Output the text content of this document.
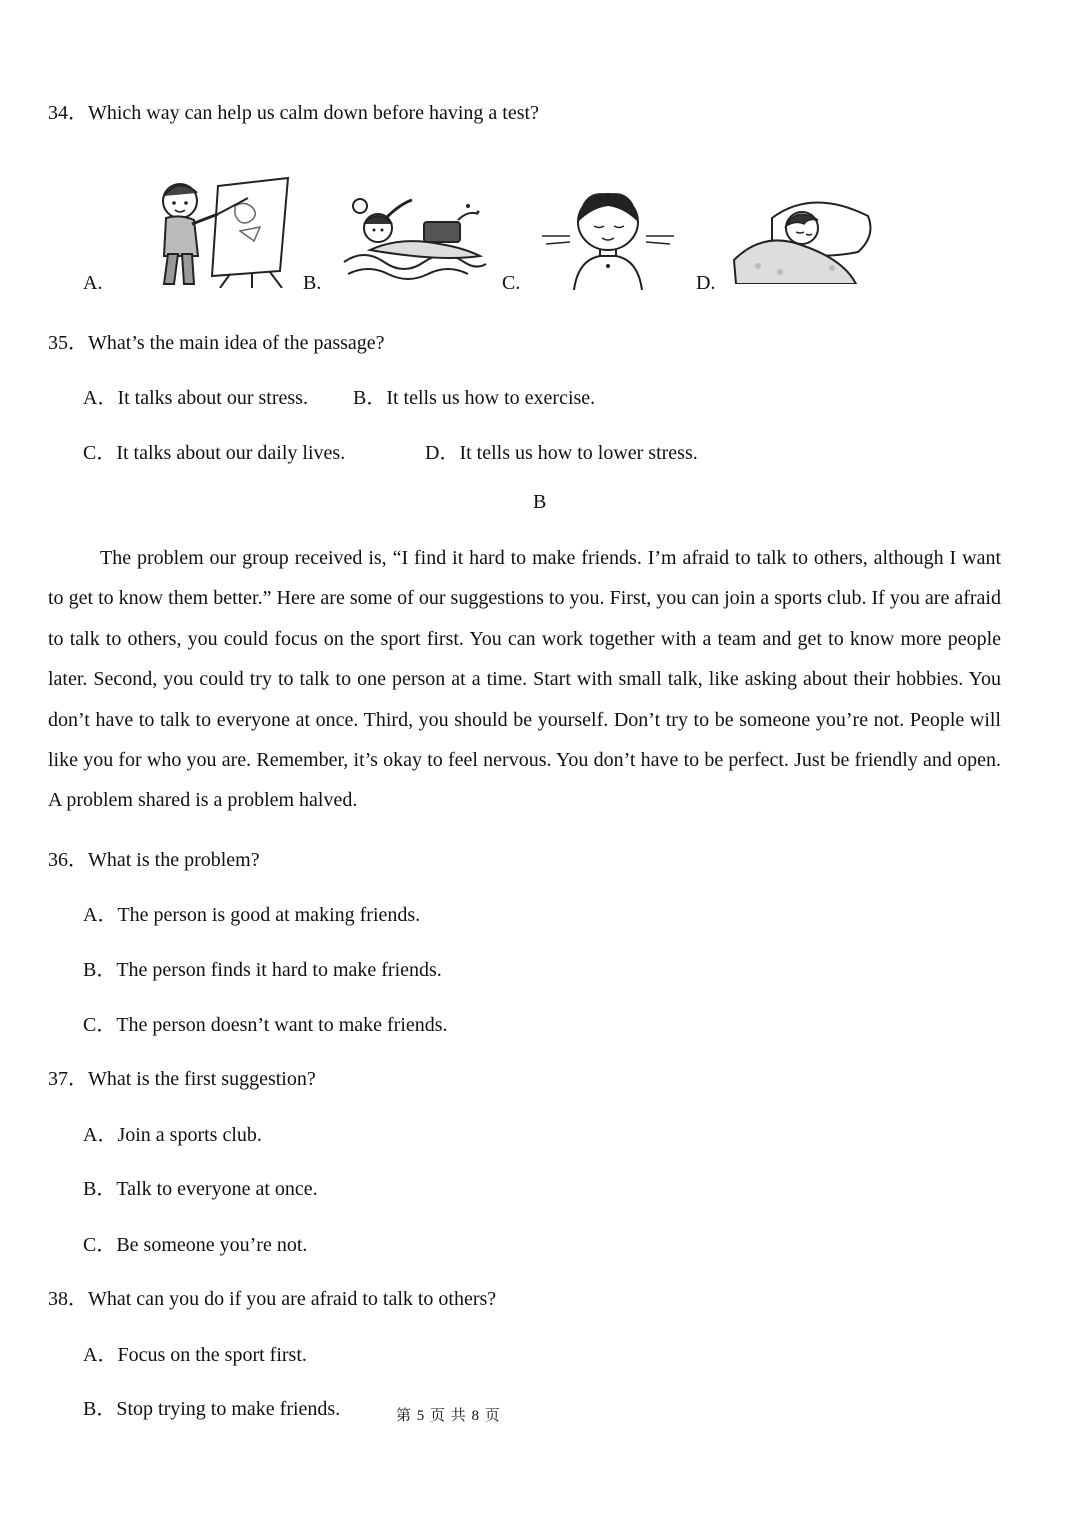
34．Which way can help us calm down before having a test?
A.	B.	C.	D.
35．What’s the main idea of the passage?
A．It talks about our stress. B．It tells us how to exercise.
C．It talks about our daily lives.	D．It tells us how to lower stress.
B
The problem our group received is, “I find it hard to make friends. I’m afraid to talk to others, although I want to get to know them better.” Here are some of our suggestions to you. First, you can join a sports club. If you are afraid to talk to others, you could focus on the sport first. You can work together with a team and get to know more people later. Second, you could try to talk to one person at a time. Start with small talk, like asking about their hobbies. You don’t have to talk to everyone at once. Third, you should be yourself. Don’t try to be someone you’re not. People will like you for who you are. Remember, it’s okay to feel nervous. You don’t have to be perfect. Just be friendly and open. A problem shared is a problem halved.
36．What is the problem?
A．The person is good at making friends.
B．The person finds it hard to make friends.
C．The person doesn’t want to make friends.
37．What is the first suggestion?
A．Join a sports club.
B．Talk to everyone at once.
C．Be someone you’re not.
38．What can you do if you are afraid to talk to others?
A．Focus on the sport first.
B．Stop trying to make friends.	第 5 页 共 8 页
